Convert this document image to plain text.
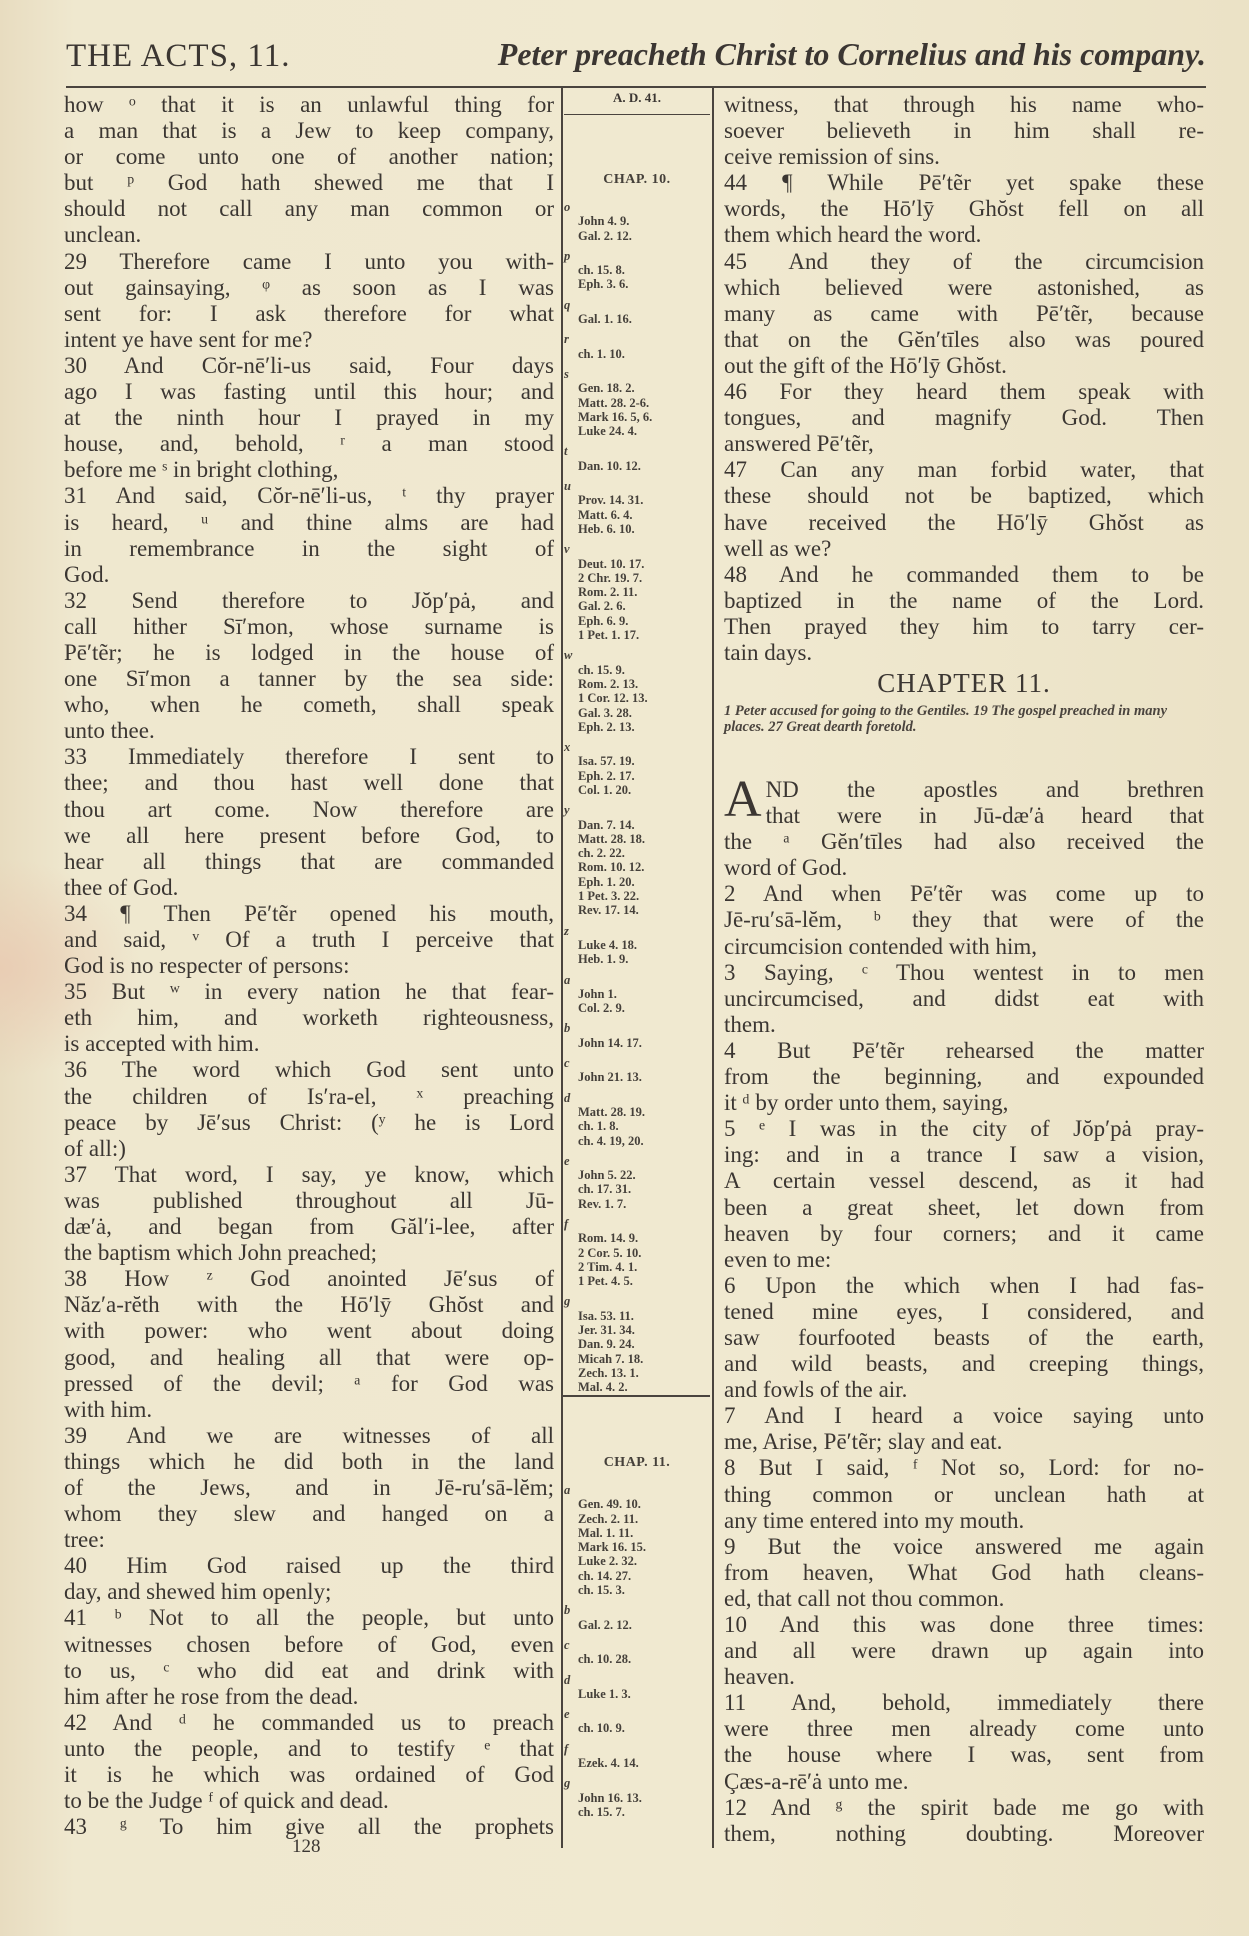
THE ACTS, 11.	Peter preacheth Christ to Cornelius and his company.
how ᵒ that it is an unlawful thing for
a man that is a Jew to keep company,
or come unto one of another nation;
but ᵖ God hath shewed me that I
should not call any man common or
unclean.
29 Therefore came I unto you with-
out gainsaying, ᵠ as soon as I was
sent for: I ask therefore for what
intent ye have sent for me?
30 And Cŏr-nē′li-us said, Four days
ago I was fasting until this hour; and
at the ninth hour I prayed in my
house, and, behold, ʳ a man stood
before me ˢ in bright clothing,
31 And said, Cŏr-nē′li-us, ᵗ thy prayer
is heard, ᵘ and thine alms are had
in remembrance in the sight of
God.
32 Send therefore to Jŏp′pȧ, and
call hither Sī′mon, whose surname is
Pē′tẽr; he is lodged in the house of
one Sī′mon a tanner by the sea side:
who, when he cometh, shall speak
unto thee.
33 Immediately therefore I sent to
thee; and thou hast well done that
thou art come. Now therefore are
we all here present before God, to
hear all things that are commanded
thee of God.
34 ¶ Then Pē′tẽr opened his mouth,
and said, ᵛ Of a truth I perceive that
God is no respecter of persons:
35 But ʷ in every nation he that fear-
eth him, and worketh righteousness,
is accepted with him.
36 The word which God sent unto
the children of Is′ra-el, ˣ preaching
peace by Jē′sus Christ: (ʸ he is Lord
of all:)
37 That word, I say, ye know, which
was published throughout all Jū-
dæ′ȧ, and began from Găl′i-lee, after
the baptism which John preached;
38 How ᶻ God anointed Jē′sus of
Năz′a-rĕth with the Hō′lȳ Ghŏst and
with power: who went about doing
good, and healing all that were op-
pressed of the devil; ᵃ for God was
with him.
39 And we are witnesses of all
things which he did both in the land
of the Jews, and in Jē-ru′sā-lĕm;
whom they slew and hanged on a
tree:
40 Him God raised up the third
day, and shewed him openly;
41 ᵇ Not to all the people, but unto
witnesses chosen before of God, even
to us, ᶜ who did eat and drink with
him after he rose from the dead.
42 And ᵈ he commanded us to preach
unto the people, and to testify ᵉ that
it is he which was ordained of God
to be the Judge ᶠ of quick and dead.
43 ᵍ To him give all the prophets
A. D. 41.
CHAP. 10.
o
John 4. 9.
Gal. 2. 12.
p
ch. 15. 8.
Eph. 3. 6.
q
Gal. 1. 16.
r
ch. 1. 10.
s
Gen. 18. 2.
Matt. 28. 2-6.
Mark 16. 5, 6.
Luke 24. 4.
t
Dan. 10. 12.
u
Prov. 14. 31.
Matt. 6. 4.
Heb. 6. 10.
v
Deut. 10. 17.
2 Chr. 19. 7.
Rom. 2. 11.
Gal. 2. 6.
Eph. 6. 9.
1 Pet. 1. 17.
w
ch. 15. 9.
Rom. 2. 13.
1 Cor. 12. 13.
Gal. 3. 28.
Eph. 2. 13.
x
Isa. 57. 19.
Eph. 2. 17.
Col. 1. 20.
y
Dan. 7. 14.
Matt. 28. 18.
ch. 2. 22.
Rom. 10. 12.
Eph. 1. 20.
1 Pet. 3. 22.
Rev. 17. 14.
z
Luke 4. 18.
Heb. 1. 9.
a
John 1.
Col. 2. 9.
b
John 14. 17.
c
John 21. 13.
d
Matt. 28. 19.
ch. 1. 8.
ch. 4. 19, 20.
e
John 5. 22.
ch. 17. 31.
Rev. 1. 7.
f
Rom. 14. 9.
2 Cor. 5. 10.
2 Tim. 4. 1.
1 Pet. 4. 5.
g
Isa. 53. 11.
Jer. 31. 34.
Dan. 9. 24.
Micah 7. 18.
Zech. 13. 1.
Mal. 4. 2.
CHAP. 11.
a
Gen. 49. 10.
Zech. 2. 11.
Mal. 1. 11.
Mark 16. 15.
Luke 2. 32.
ch. 14. 27.
ch. 15. 3.
b
Gal. 2. 12.
c
ch. 10. 28.
d
Luke 1. 3.
e
ch. 10. 9.
f
Ezek. 4. 14.
g
John 16. 13.
ch. 15. 7.
witness, that through his name who-
soever believeth in him shall re-
ceive remission of sins.
44 ¶ While Pē′tẽr yet spake these
words, the Hō′lȳ Ghŏst fell on all
them which heard the word.
45 And they of the circumcision
which believed were astonished, as
many as came with Pē′tẽr, because
that on the Gĕn′tīles also was poured
out the gift of the Hō′lȳ Ghŏst.
46 For they heard them speak with
tongues, and magnify God. Then
answered Pē′tẽr,
47 Can any man forbid water, that
these should not be baptized, which
have received the Hō′lȳ Ghŏst as
well as we?
48 And he commanded them to be
baptized in the name of the Lord.
Then prayed they him to tarry cer-
tain days.
CHAPTER 11.
1 Peter accused for going to the Gentiles. 19 The gospel preached in many places. 27 Great dearth foretold.
A ND the apostles and brethren
that were in Jū-dæ′ȧ heard that
the ᵃ Gĕn′tīles had also received the
word of God.
2 And when Pē′tẽr was come up to
Jē-ru′sā-lĕm, ᵇ they that were of the
circumcision contended with him,
3 Saying, ᶜ Thou wentest in to men
uncircumcised, and didst eat with
them.
4 But Pē′tẽr rehearsed the matter
from the beginning, and expounded
it ᵈ by order unto them, saying,
5 ᵉ I was in the city of Jŏp′pȧ pray-
ing: and in a trance I saw a vision,
A certain vessel descend, as it had
been a great sheet, let down from
heaven by four corners; and it came
even to me:
6 Upon the which when I had fas-
tened mine eyes, I considered, and
saw fourfooted beasts of the earth,
and wild beasts, and creeping things,
and fowls of the air.
7 And I heard a voice saying unto
me, Arise, Pē′tẽr; slay and eat.
8 But I said, ᶠ Not so, Lord: for no-
thing common or unclean hath at
any time entered into my mouth.
9 But the voice answered me again
from heaven, What God hath cleans-
ed, that call not thou common.
10 And this was done three times:
and all were drawn up again into
heaven.
11 And, behold, immediately there
were three men already come unto
the house where I was, sent from
Çæs-a-rē′ȧ unto me.
12 And ᵍ the spirit bade me go with
them, nothing doubting. Moreover
128
